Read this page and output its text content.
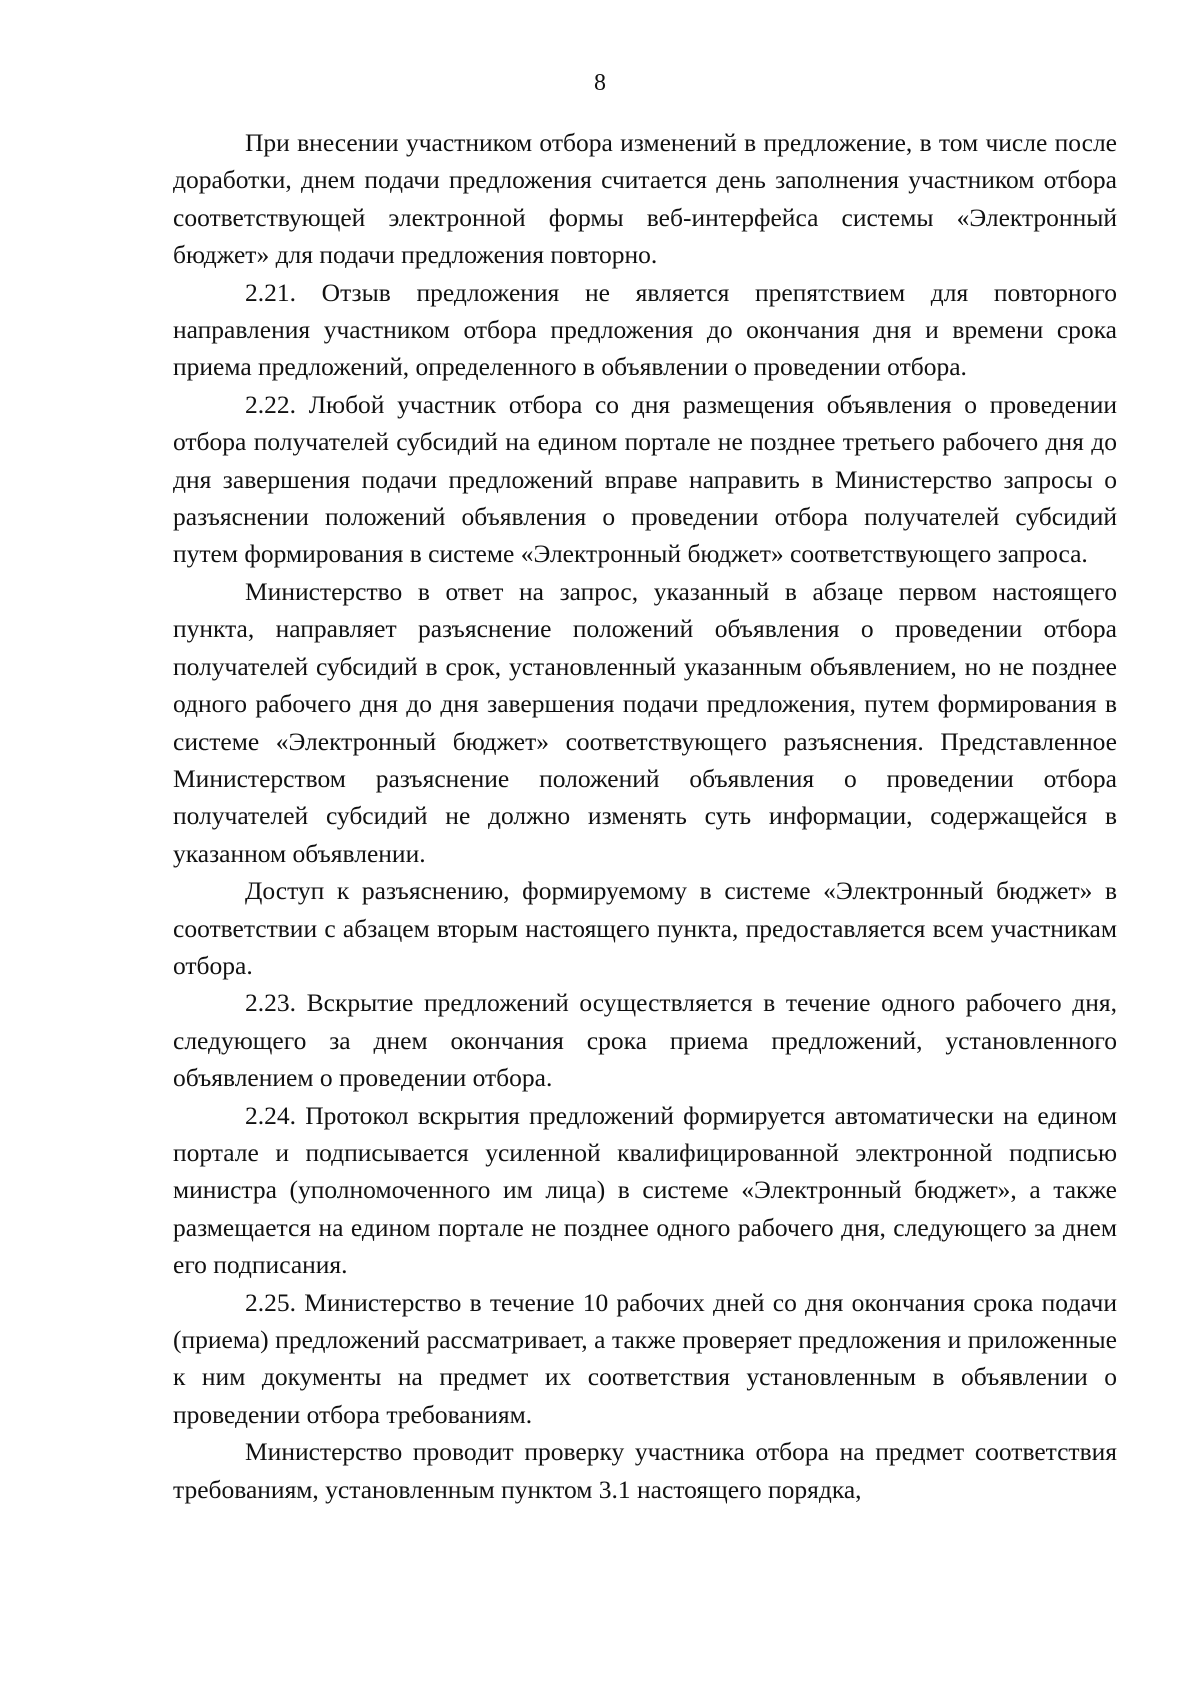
8

При внесении участником отбора изменений в предложение, в том числе после доработки, днем подачи предложения считается день заполнения участником отбора соответствующей электронной формы веб-интерфейса системы «Электронный бюджет» для подачи предложения повторно.

2.21. Отзыв предложения не является препятствием для повторного направления участником отбора предложения до окончания дня и времени срока приема предложений, определенного в объявлении о проведении отбора.

2.22. Любой участник отбора со дня размещения объявления о проведении отбора получателей субсидий на едином портале не позднее третьего рабочего дня до дня завершения подачи предложений вправе направить в Министерство запросы о разъяснении положений объявления о проведении отбора получателей субсидий путем формирования в системе «Электронный бюджет» соответствующего запроса.

Министерство в ответ на запрос, указанный в абзаце первом настоящего пункта, направляет разъяснение положений объявления о проведении отбора получателей субсидий в срок, установленный указанным объявлением, но не позднее одного рабочего дня до дня завершения подачи предложения, путем формирования в системе «Электронный бюджет» соответствующего разъяснения. Представленное Министерством разъяснение положений объявления о проведении отбора получателей субсидий не должно изменять суть информации, содержащейся в указанном объявлении.

Доступ к разъяснению, формируемому в системе «Электронный бюджет» в соответствии с абзацем вторым настоящего пункта, предоставляется всем участникам отбора.

2.23. Вскрытие предложений осуществляется в течение одного рабочего дня, следующего за днем окончания срока приема предложений, установленного объявлением о проведении отбора.

2.24. Протокол вскрытия предложений формируется автоматически на едином портале и подписывается усиленной квалифицированной электронной подписью министра (уполномоченного им лица) в системе «Электронный бюджет», а также размещается на едином портале не позднее одного рабочего дня, следующего за днем его подписания.

2.25. Министерство в течение 10 рабочих дней со дня окончания срока подачи (приема) предложений рассматривает, а также проверяет предложения и приложенные к ним документы на предмет их соответствия установленным в объявлении о проведении отбора требованиям.

Министерство проводит проверку участника отбора на предмет соответствия требованиям, установленным пунктом 3.1 настоящего порядка,
